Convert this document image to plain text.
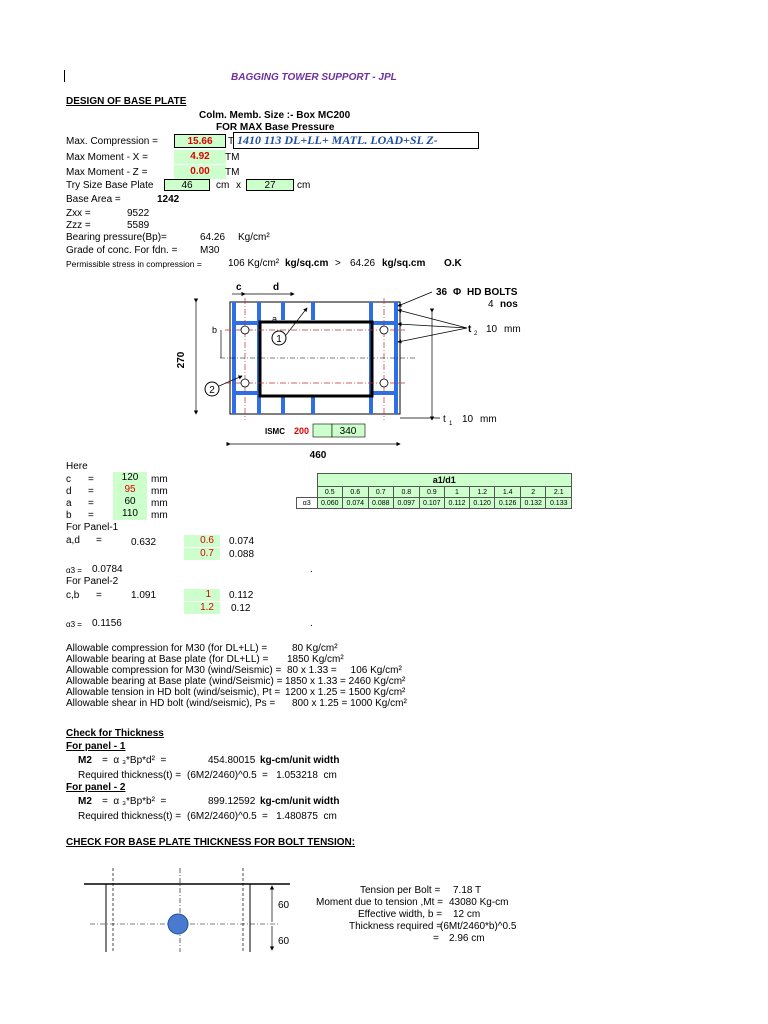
BAGGING TOWER SUPPORT - JPL
DESIGN OF BASE PLATE
Colm. Memb. Size :- Box MC200
FOR MAX Base Pressure
Max. Compression =	15.66	T 1410 113 DL+LL+ MATL. LOAD+SL Z-
Max Moment - X =	4.92	TM
Max Moment - Z =	0.00	TM
Try Size Base Plate	46	cm x	27	cm
Base Area =	1242
Zxx =	9522
Zzz =	5589
Bearing pressure(Bp)=	64.26 Kg/cm²
Grade of conc. For fdn. = M30
Permissible stress in compression =	106 Kg/cm² kg/sq.cm > 64.26 kg/sq.cm O.K
1
2
c	d
a
b
270
460
36 Φ HD BOLTS
4 nos
t 2 10 mm
t 1 10 mm
ISMC 200	340
Here
c =	120	mm
d =	95	mm
a =	60	mm
b =	110	mm
	a1/d1									
	0.5	0.6	0.7	0.8	0.9	1	1.2	1.4	2	2.1
α3	0.060	0.074	0.088	0.097	0.107	0.112	0.120	0.126	0.132	0.133
For Panel-1
a,d =	0.632	0.6	0.074
0.7	0.088
α3 = 0.0784	.
For Panel-2
c,b =	1.091	1	0.112
1.2	0.12
α3 = 0.1156	.
Allowable compression for M30 (for DL+LL) = 80 Kg/cm²
Allowable bearing at Base plate (for DL+LL) = 1850 Kg/cm²
Allowable compression for M30 (wind/Seismic) = 80 x 1.33 =     106 Kg/cm²
Allowable bearing at Base plate (wind/Seismic) = 1850 x 1.33 = 2460 Kg/cm²
Allowable tension in HD bolt (wind/seismic), Pt = 1200 x 1.25 = 1500 Kg/cm²
Allowable shear in HD bolt (wind/seismic), Ps = 800 x 1.25 = 1000 Kg/cm²
Check for Thickness
For panel - 1
M2 =  α ₃*Bp*d²  =	454.80015 kg-cm/unit width
Required thickness(t) = (6M2/2460)^0.5 =   1.053218  cm
For panel - 2
M2 =  α ₃*Bp*b²  =	899.12592 kg-cm/unit width
Required thickness(t) = (6M2/2460)^0.5 =   1.480875  cm
CHECK FOR BASE PLATE THICKNESS FOR BOLT TENSION:
60
60
Tension per Bolt = 7.18 T
Moment due to tension ,Mt = 43080 Kg-cm
Effective width, b = 12 cm
Thickness required =
(6Mt/2460*b)^0.5
= 2.96 cm
